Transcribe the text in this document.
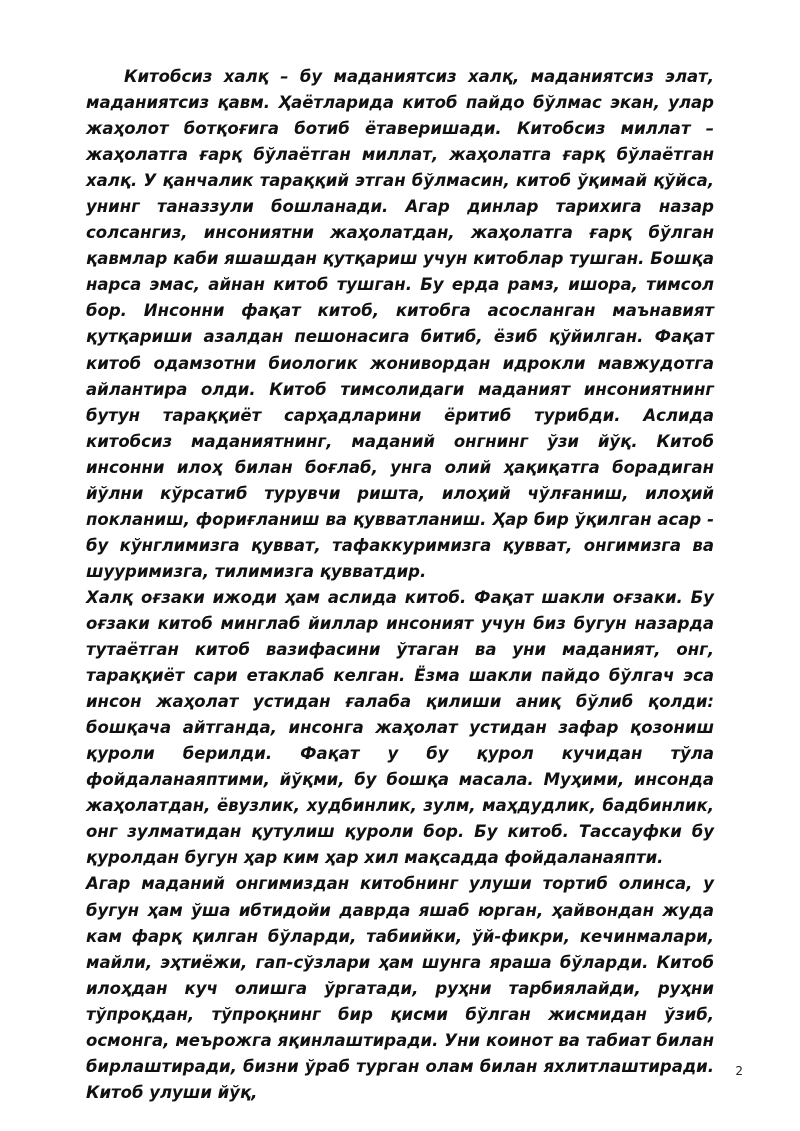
Китобсиз халқ – бу маданиятсиз халқ, маданиятсиз элат, маданиятсиз қавм. Ҳаётларида китоб пайдо бўлмас экан, улар жаҳолот ботқоғига ботиб ётаверишади. Китобсиз миллат – жаҳолатга ғарқ бўлаётган миллат, жаҳолатга ғарқ бўлаётган халқ. У қанчалик тараққий этган бўлмасин, китоб ўқимай қўйса, унинг таназзули бошланади. Агар динлар тарихига назар солсангиз, инсониятни жаҳолатдан, жаҳолатга ғарқ бўлган қавмлар каби яшашдан қутқариш учун китоблар тушган. Бошқа нарса эмас, айнан китоб тушган. Бу ерда рамз, ишора, тимсол бор. Инсонни фақат китоб, китобга асосланган маънавият қутқариши азалдан пешонасига битиб, ёзиб қўйилган. Фақат китоб одамзотни биологик жонивордан идрокли мавжудотга айлантира олди. Китоб тимсолидаги маданият инсониятнинг бутун тараққиёт сарҳадларини ёритиб турибди. Аслида китобсиз маданиятнинг, маданий онгнинг ўзи йўқ. Китоб инсонни илоҳ билан боғлаб, унга олий ҳақиқатга борадиган йўлни кўрсатиб турувчи ришта, илоҳий чўлғаниш, илоҳий покланиш, фориғланиш ва қувватланиш. Ҳар бир ўқилган асар - бу кўнглимизга қувват, тафаккуримизга қувват, онгимизга ва шууримизга, тилимизга қувватдир.

Халқ оғзаки ижоди ҳам аслида китоб. Фақат шакли оғзаки. Бу оғзаки китоб минглаб йиллар инсоният учун биз бугун назарда тутаётган китоб вазифасини ўтаган ва уни маданият, онг, тараққиёт сари етаклаб келган. Ёзма шакли пайдо бўлгач эса инсон жаҳолат устидан ғалаба қилиши аниқ бўлиб қолди: бошқача айтганда, инсонга жаҳолат устидан зафар қозониш қуроли берилди. Фақат у бу қурол кучидан тўла фойдаланаяптими, йўқми, бу бошқа масала. Муҳими, инсонда жаҳолатдан, ёвузлик, худбинлик, зулм, маҳдудлик, бадбинлик, онг зулматидан қутулиш қуроли бор. Бу китоб. Тассауфки бу қуролдан бугун ҳар ким ҳар хил мақсадда фойдаланаяпти.

Агар маданий онгимиздан китобнинг улуши тортиб олинса, у бугун ҳам ўша ибтидойи даврда яшаб юрган, ҳайвондан жуда кам фарқ қилган бўларди, табиийки, ўй-фикри, кечинмалари, майли, эҳтиёжи, гап-сўзлари ҳам шунга яраша бўларди. Китоб илоҳдан куч олишга ўргатади, руҳни тарбиялайди, руҳни тўпроқдан, тўпроқнинг бир қисми бўлган жисмидан ўзиб, осмонга, меърожга яқинлаштиради. Уни коинот ва табиат билан бирлаштиради, бизни ўраб турган олам билан яхлитлаштиради. Китоб улуши йўқ,

2
